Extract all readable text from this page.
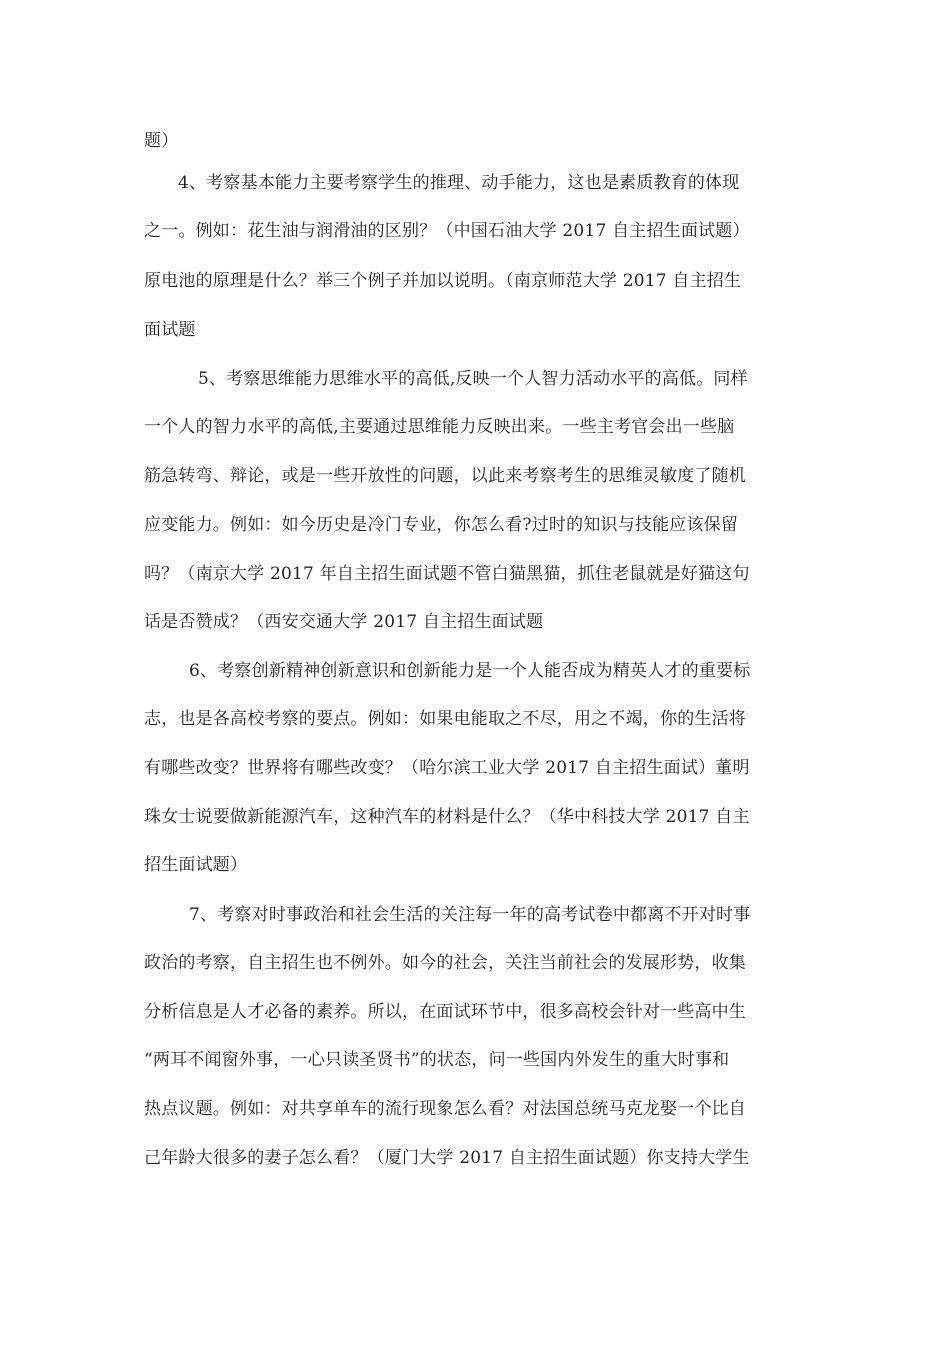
题）
4、考察基本能力主要考察学生的推理、动手能力，这也是素质教育的体现
之一。例如：花生油与润滑油的区别？（中国石油大学 2017 自主招生面试题）
原电池的原理是什么？举三个例子并加以说明。（南京师范大学 2017 自主招生
面试题
5、考察思维能力思维水平的高低,反映一个人智力活动水平的高低。同样
一个人的智力水平的高低,主要通过思维能力反映出来。一些主考官会出一些脑
筋急转弯、辩论，或是一些开放性的问题，以此来考察考生的思维灵敏度了随机
应变能力。例如：如今历史是冷门专业，你怎么看?过时的知识与技能应该保留
吗？（南京大学 2017 年自主招生面试题不管白猫黑猫，抓住老鼠就是好猫这句
话是否赞成？（西安交通大学 2017 自主招生面试题
6、考察创新精神创新意识和创新能力是一个人能否成为精英人才的重要标
志，也是各高校考察的要点。例如：如果电能取之不尽，用之不竭，你的生活将
有哪些改变？世界将有哪些改变？（哈尔滨工业大学 2017 自主招生面试）董明
珠女士说要做新能源汽车，这种汽车的材料是什么？（华中科技大学 2017 自主
招生面试题）
7、考察对时事政治和社会生活的关注每一年的高考试卷中都离不开对时事
政治的考察，自主招生也不例外。如今的社会，关注当前社会的发展形势，收集
分析信息是人才必备的素养。所以，在面试环节中，很多高校会针对一些高中生
“两耳不闻窗外事，一心只读圣贤书”的状态，问一些国内外发生的重大时事和
热点议题。例如：对共享单车的流行现象怎么看？对法国总统马克龙娶一个比自
己年龄大很多的妻子怎么看？（厦门大学 2017 自主招生面试题）你支持大学生
